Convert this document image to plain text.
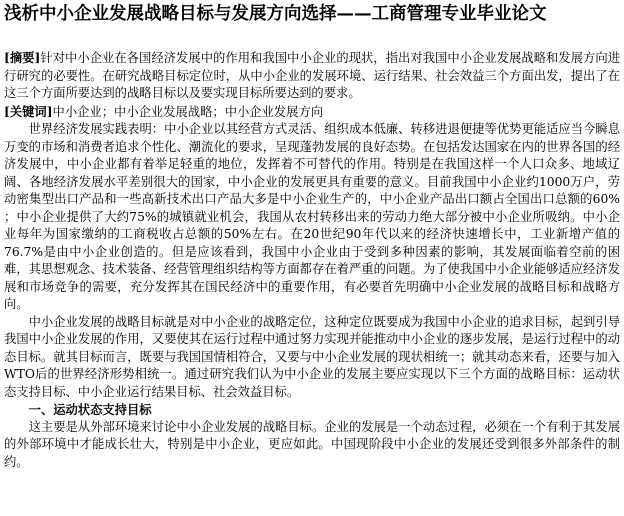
浅析中小企业发展战略目标与发展方向选择——工商管理专业毕业论文

[摘要]针对中小企业在各国经济发展中的作用和我国中小企业的现状，指出对我国中小企业发展战略和发展方向进行研究的必要性。在研究战略目标定位时，从中小企业的发展环境、运行结果、社会效益三个方面出发，提出了在这三个方面所要达到的战略目标以及要实现目标所要达到的要求。

[关键词]中小企业；中小企业发展战略；中小企业发展方向

世界经济发展实践表明：中小企业以其经营方式灵活、组织成本低廉、转移进退便捷等优势更能适应当今瞬息万变的市场和消费者追求个性化、潮流化的要求，呈现蓬勃发展的良好态势。在包括发达国家在内的世界各国的经济发展中，中小企业都有着举足轻重的地位，发挥着不可替代的作用。特别是在我国这样一个人口众多、地域辽阔、各地经济发展水平差别很大的国家，中小企业的发展更具有重要的意义。目前我国中小企业约1000万户，劳动密集型出口产品和一些高新技术出口产品大多是中小企业生产的，中小企业产品出口额占全国出口总额的60% ；中小企业提供了大约75%的城镇就业机会，我国从农村转移出来的劳动力绝大部分被中小企业所吸纳。中小企业每年为国家缴纳的工商税收占总额的50%左右。在20世纪90年代以来的经济快速增长中，工业新增产值的76.7%是由中小企业创造的。但是应该看到，我国中小企业由于受到多种因素的影响，其发展面临着空前的困难，其思想观念、技术装备、经营管理组织结构等方面都存在着严重的问题。为了使我国中小企业能够适应经济发展和市场竞争的需要，充分发挥其在国民经济中的重要作用，有必要首先明确中小企业发展的战略目标和战略方向。

中小企业发展的战略目标就是对中小企业的战略定位，这种定位既要成为我国中小企业的追求目标，起到引导我国中小企业发展的作用，又要使其在运行过程中通过努力实现并能推动中小企业的逐步发展，是运行过程中的动态目标。就其目标而言，既要与我国国情相符合，又要与中小企业发展的现状相统一；就其动态来看，还要与加入WTO后的世界经济形势相统一。通过研究我们认为中小企业的发展主要应实现以下三个方面的战略目标：运动状态支持目标、中小企业运行结果目标、社会效益目标。

一、运动状态支持目标

这主要是从外部环境来讨论中小企业发展的战略目标。企业的发展是一个动态过程，必须在一个有利于其发展的外部环境中才能成长壮大，特别是中小企业，更应如此。中国现阶段中小企业的发展还受到很多外部条件的制约。
